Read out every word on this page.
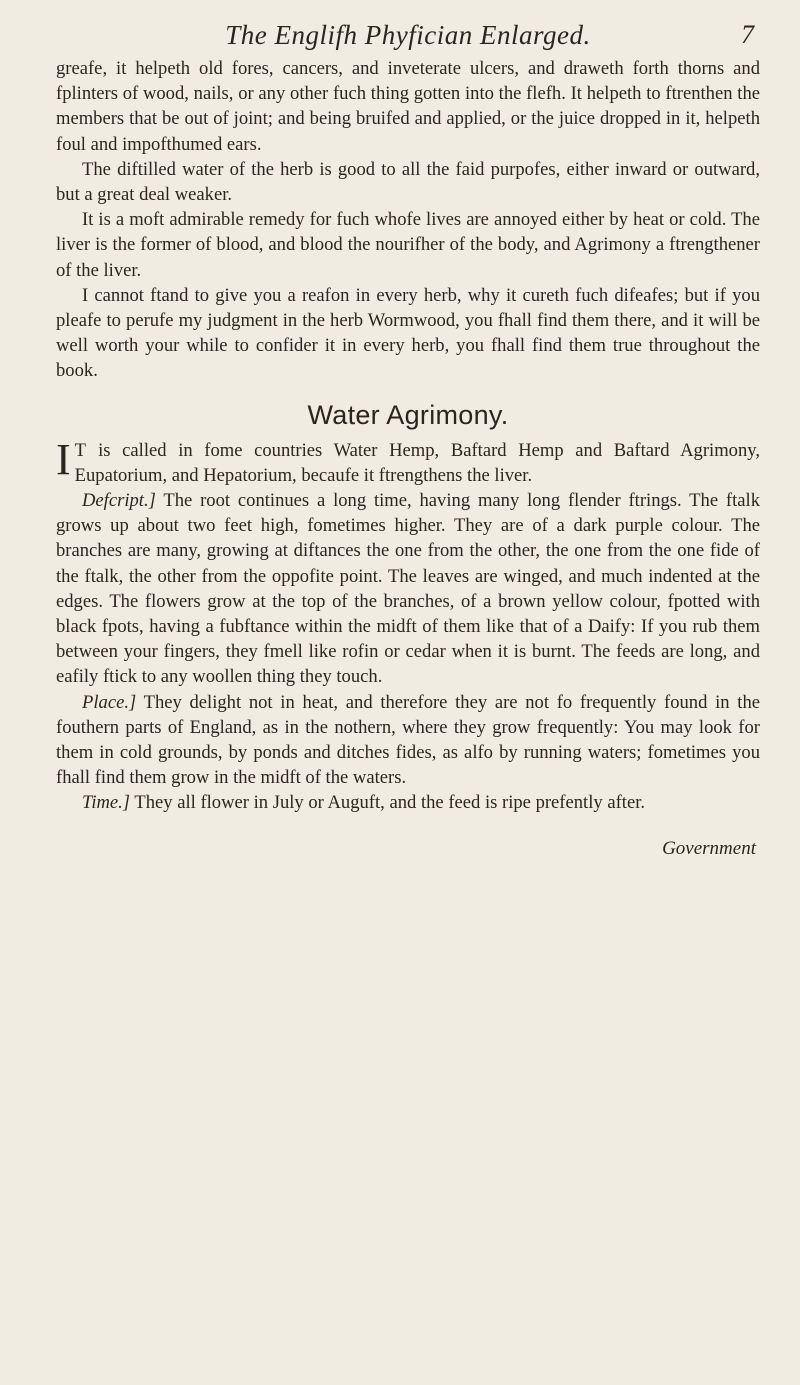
The Englifh Phyfician Enlarged.	7

greafe, it helpeth old fores, cancers, and inveterate ulcers, and draweth forth thorns and fplinters of wood, nails, or any other fuch thing gotten into the flefh. It helpeth to ftrenthen the members that be out of joint; and being bruifed and applied, or the juice dropped in it, helpeth foul and impofthumed ears.

The diftilled water of the herb is good to all the faid purpofes, either inward or outward, but a great deal weaker.

It is a moft admirable remedy for fuch whofe lives are annoyed either by heat or cold. The liver is the former of blood, and blood the nourifher of the body, and Agrimony a ftrengthener of the liver.

I cannot ftand to give you a reafon in every herb, why it cureth fuch difeafes; but if you pleafe to perufe my judgment in the herb Wormwood, you fhall find them there, and it will be well worth your while to confider it in every herb, you fhall find them true throughout the book.

Water Agrimony.

I T is called in fome countries Water Hemp, Baftard Hemp and Baftard Agrimony, Eupatorium, and Hepatorium, becaufe it ftrengthens the liver.

Defcript.] The root continues a long time, having many long flender ftrings. The ftalk grows up about two feet high, fometimes higher. They are of a dark purple colour. The branches are many, growing at diftances the one from the other, the one from the one fide of the ftalk, the other from the oppofite point. The leaves are winged, and much indented at the edges. The flowers grow at the top of the branches, of a brown yellow colour, fpotted with black fpots, having a fubftance within the midft of them like that of a Daify: If you rub them between your fingers, they fmell like rofin or cedar when it is burnt. The feeds are long, and eafily ftick to any woollen thing they touch.

Place.] They delight not in heat, and therefore they are not fo frequently found in the fouthern parts of England, as in the nothern, where they grow frequently: You may look for them in cold grounds, by ponds and ditches fides, as alfo by running waters; fometimes you fhall find them grow in the midft of the waters.

Time.] They all flower in July or Auguft, and the feed is ripe prefently after.

Government
